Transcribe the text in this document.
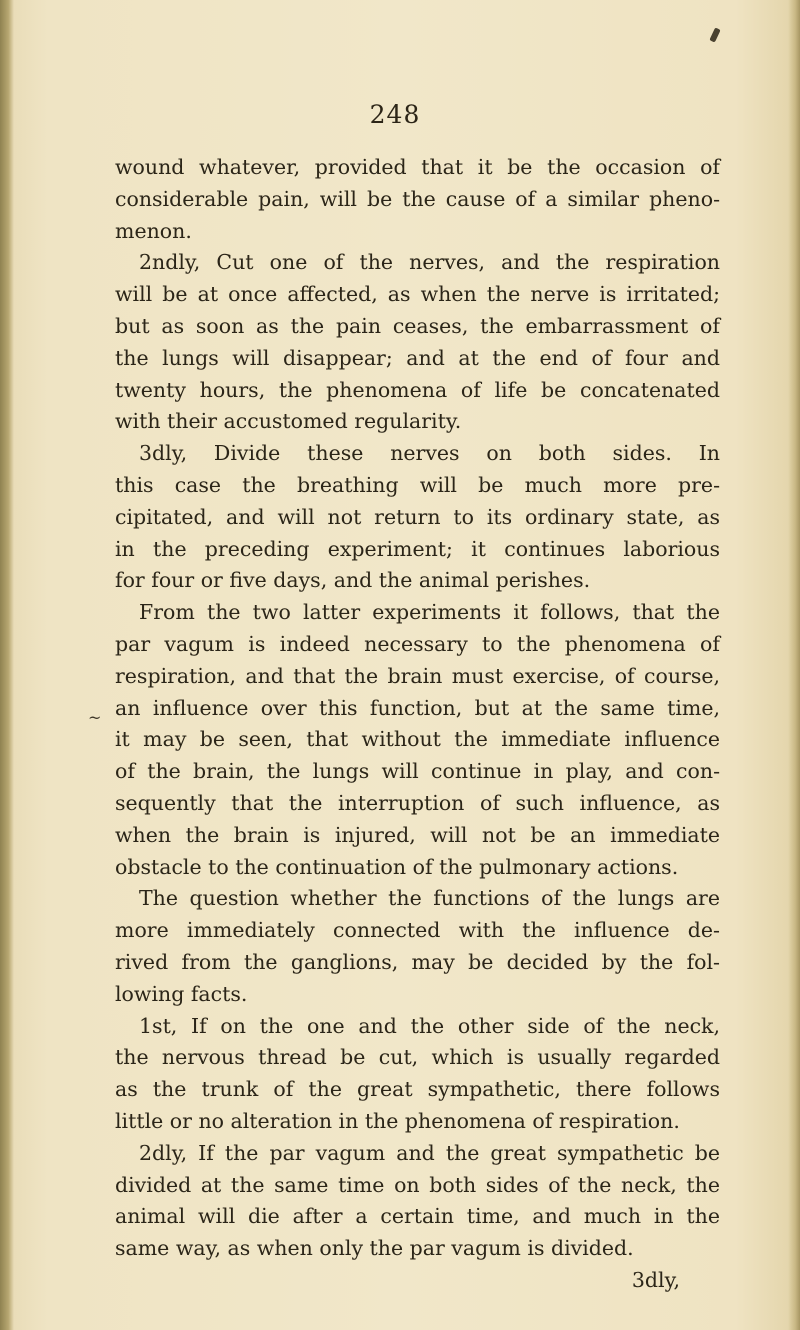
248
~
wound whatever, provided that it be the occasion of
considerable pain, will be the cause of a similar pheno-
menon.
2ndly, Cut one of the nerves, and the respiration
will be at once affected, as when the nerve is irritated;
but as soon as the pain ceases, the embarrassment of
the lungs will disappear; and at the end of four and
twenty hours, the phenomena of life be concatenated
with their accustomed regularity.
3dly, Divide these nerves on both sides. In
this case the breathing will be much more pre-
cipitated, and will not return to its ordinary state, as
in the preceding experiment; it continues laborious
for four or five days, and the animal perishes.
From the two latter experiments it follows, that the
par vagum is indeed necessary to the phenomena of
respiration, and that the brain must exercise, of course,
an influence over this function, but at the same time,
it may be seen, that without the immediate influence
of the brain, the lungs will continue in play, and con-
sequently that the interruption of such influence, as
when the brain is injured, will not be an immediate
obstacle to the continuation of the pulmonary actions.
The question whether the functions of the lungs are
more immediately connected with the influence de-
rived from the ganglions, may be decided by the fol-
lowing facts.
1st, If on the one and the other side of the neck,
the nervous thread be cut, which is usually regarded
as the trunk of the great sympathetic, there follows
little or no alteration in the phenomena of respiration.
2dly, If the par vagum and the great sympathetic be
divided at the same time on both sides of the neck, the
animal will die after a certain time, and much in the
same way, as when only the par vagum is divided.
3dly,
